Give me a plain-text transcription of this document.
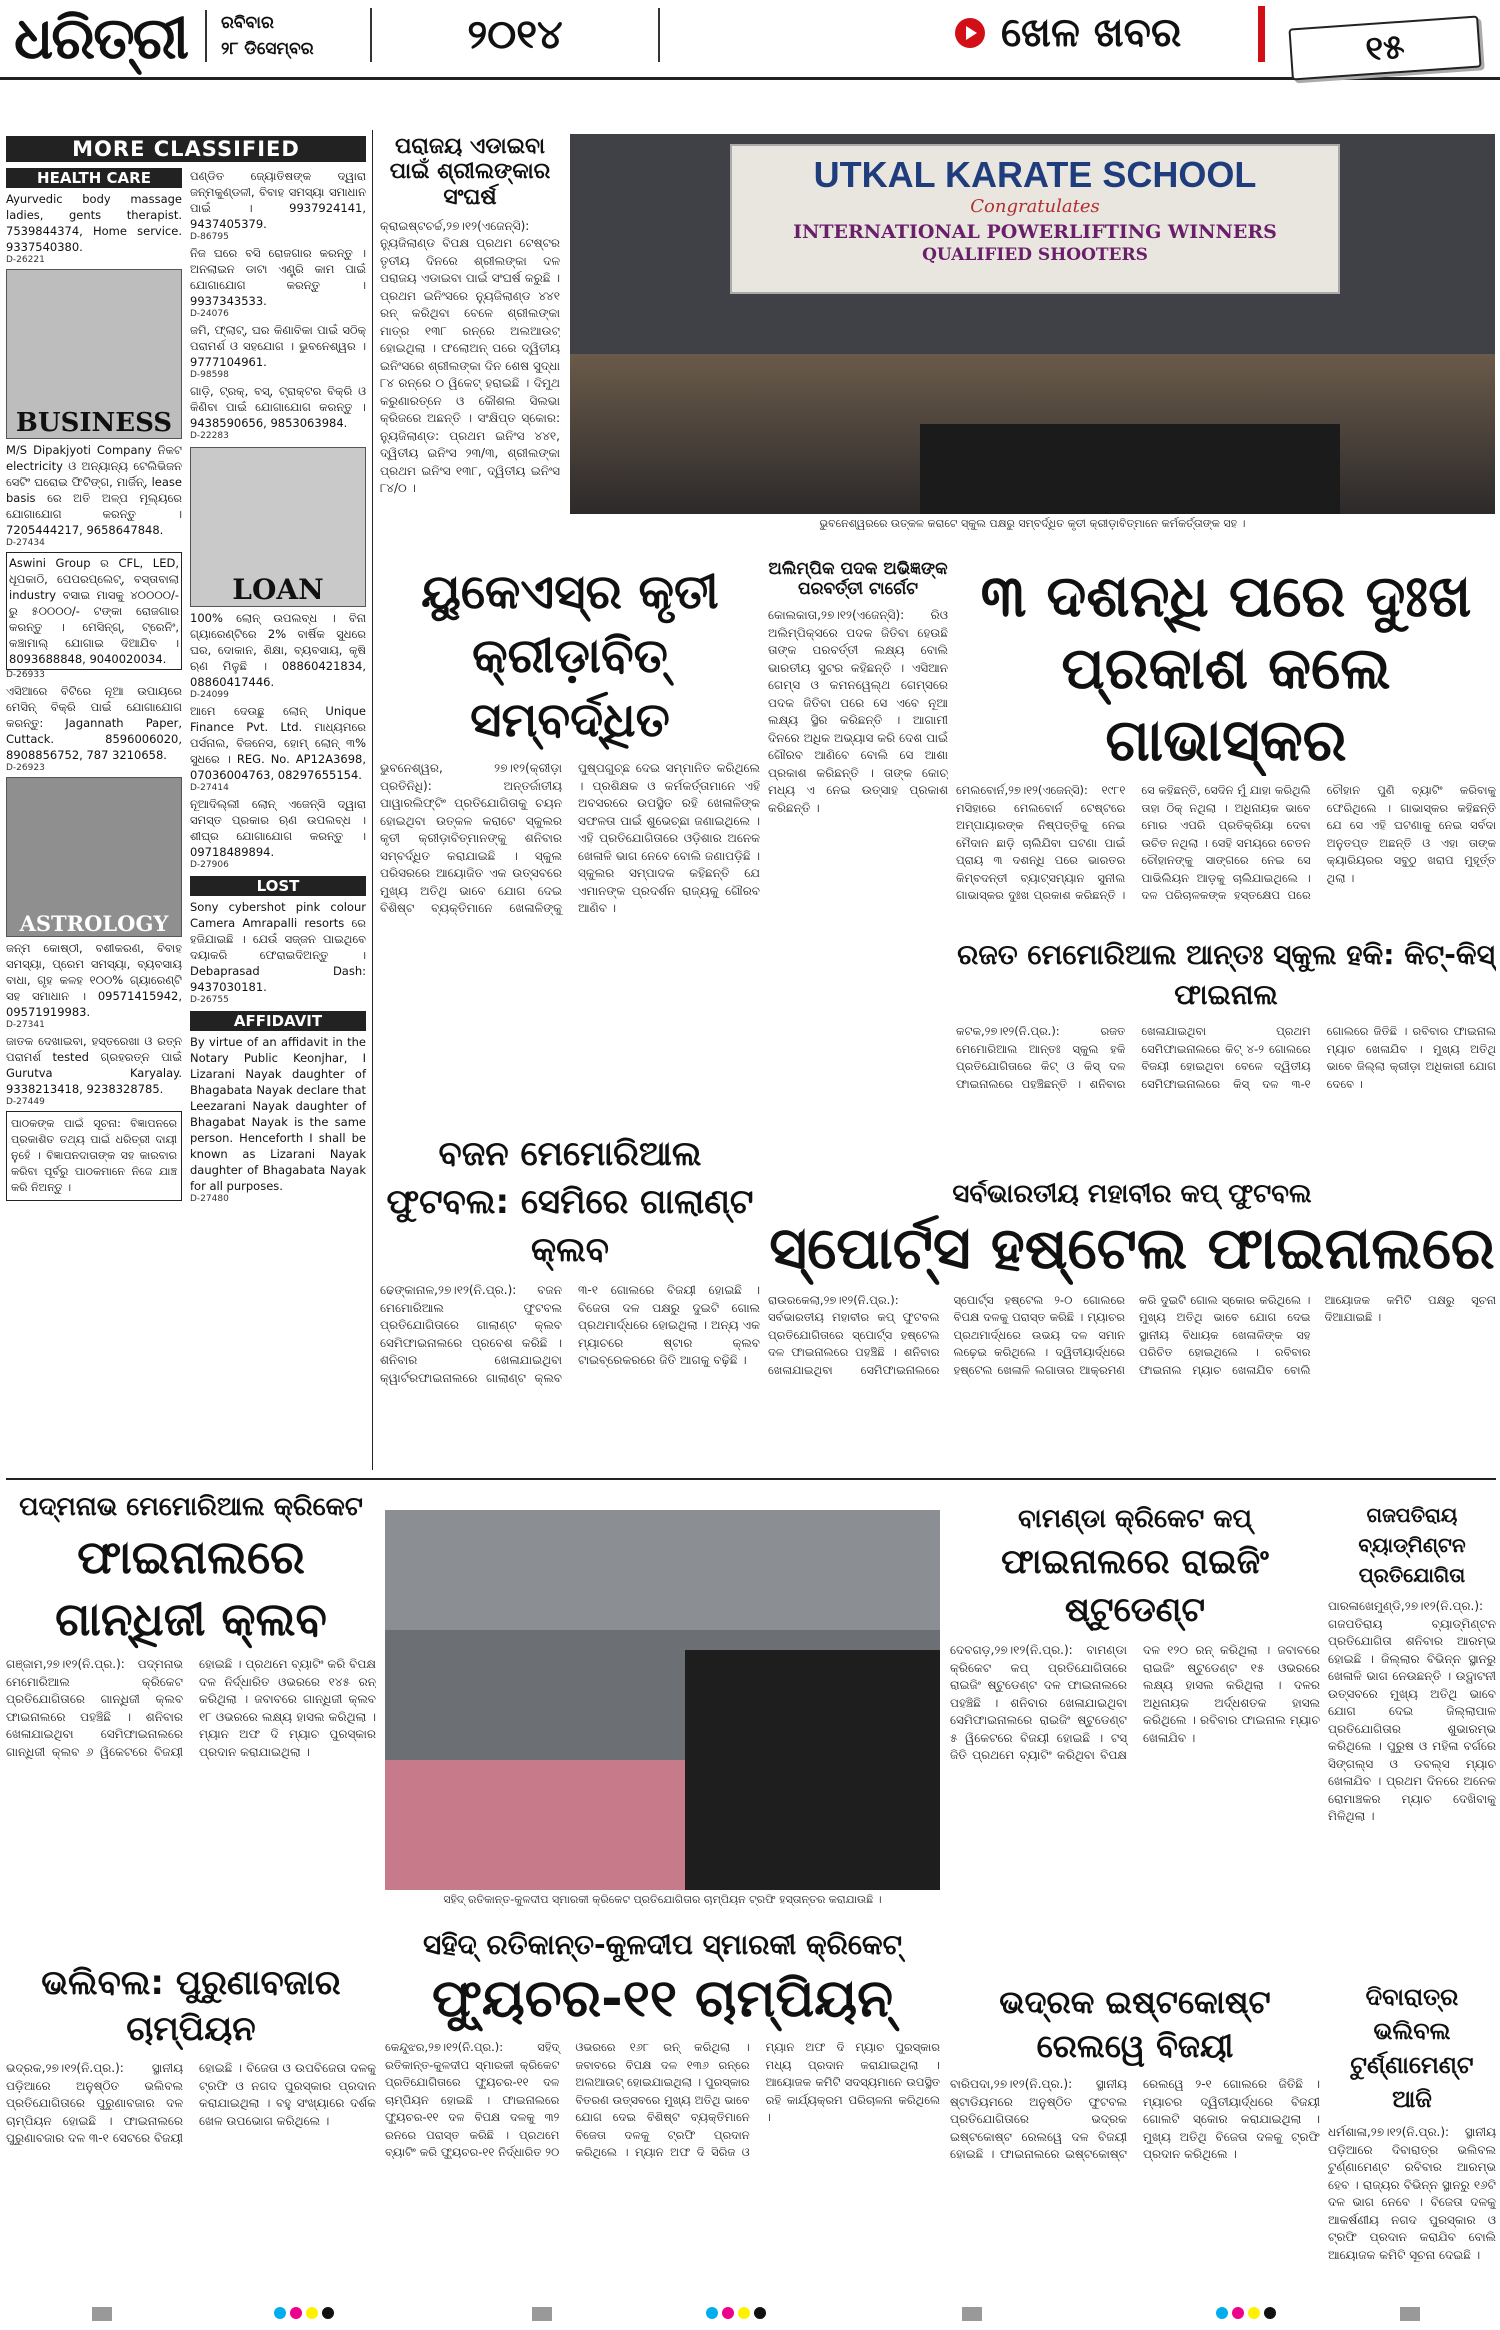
ଧରିତ୍ରୀ ରବିବାର
୨୮ ଡିସେମ୍ବର	୨୦୧୪	ଖେଳ ଖବର	୧୫
MORE CLASSIFIED
HEALTH CARE
Ayurvedic body massage ladies, gents therapist. 7539844374, Home service. 9337540380.
D-26221
BUSINESS
M/S Dipakjyoti Company ନିକଟ electricity ଓ ଅନ୍ୟାନ୍ୟ ଟେଲିଭିଜନ ସେଟିଂ ଘରୋଇ ଫିଟିଙ୍ଗ, ମାର୍ଜିନ୍, lease basis ରେ ଅତି ଅଳ୍ପ ମୂଲ୍ୟରେ ଯୋଗାଯୋଗ କରନ୍ତୁ । 7205444217, 9658647848.
D-27434
Aswini Group ର CFL, LED, ଧୂପକାଠି, ପେପରପ୍ଲେଟ୍, ବସ୍ତାବାଲା industry ବସାଇ ମାସକୁ ୪୦୦୦୦/- ରୁ ୫୦୦୦୦/- ଟଙ୍କା ରୋଜଗାର କରନ୍ତୁ । ମେସିନ୍ଗ୍, ଟ୍ରେନିଂ, କଞ୍ଚାମାଲ୍ ଯୋଗାଇ ଦିଆଯିବ । 8093688848, 9040020034.
D-26933
ଏସିଆରେ ବିଟିରେ ନୂଆ ଉପାୟରେ ମେସିନ୍ ବିକ୍ରି ପାଇଁ ଯୋଗାଯୋଗ କରନ୍ତୁ: Jagannath Paper, Cuttack. 8596006020, 8908856752, 787 3210658.
D-26923
ASTROLOGY
ଜନ୍ମ କୋଷ୍ଠୀ, ବଶୀକରଣ, ବିବାହ ସମସ୍ୟା, ପ୍ରେମ ସମସ୍ୟା, ବ୍ୟବସାୟ ବାଧା, ଗୃହ କଳହ ୧୦୦% ଗ୍ୟାରେଣ୍ଟି ସହ ସମାଧାନ । 09571415942, 09571919983.
D-27341
ଜାତକ ଦେଖାଇବା, ହସ୍ତରେଖା ଓ ରତ୍ନ ପରାମର୍ଶ tested ଗ୍ରହରତ୍ନ ପାଇଁ Gurutva Karyalay. 9338213418, 9238328785.
D-27449
ପାଠକଙ୍କ ପାଇଁ ସୂଚନା: ବିଜ୍ଞାପନରେ ପ୍ରକାଶିତ ତଥ୍ୟ ପାଇଁ ଧରିତ୍ରୀ ଦାୟୀ ନୁହେଁ । ବିଜ୍ଞାପନଦାତାଙ୍କ ସହ କାରବାର କରିବା ପୂର୍ବରୁ ପାଠକମାନେ ନିଜେ ଯାଞ୍ଚ କରି ନିଅନ୍ତୁ ।
ପଣ୍ଡିତ ଜ୍ୟୋତିଷଙ୍କ ଦ୍ୱାରା ଜନ୍ମକୁଣ୍ଡଳୀ, ବିବାହ ସମସ୍ୟା ସମାଧାନ ପାଇଁ । 9937924141, 9437405379.
D-86795
ନିଜ ଘରେ ବସି ରୋଜଗାର କରନ୍ତୁ । ଅନଲାଇନ ଡାଟା ଏଣ୍ଟ୍ରି କାମ ପାଇଁ ଯୋଗାଯୋଗ କରନ୍ତୁ । 9937343533.
D-24076
ଜମି, ଫ୍ଲାଟ୍, ଘର କିଣାବିକା ପାଇଁ ସଠିକ୍ ପରାମର୍ଶ ଓ ସହଯୋଗ । ଭୁବନେଶ୍ୱର । 9777104961.
D-98598
ଗାଡ଼ି, ଟ୍ରକ୍, ବସ୍, ଟ୍ରାକ୍ଟର ବିକ୍ରି ଓ କିଣିବା ପାଇଁ ଯୋଗାଯୋଗ କରନ୍ତୁ । 9438590656, 9853063984.
D-22283
LOAN
100% ଲୋନ୍ ଉପଲବ୍ଧ । ବିନା ଗ୍ୟାରେଣ୍ଟିରେ 2% ବାର୍ଷିକ ସୁଧରେ ଘର, ଦୋକାନ, ଶିକ୍ଷା, ବ୍ୟବସାୟ, କୃଷି ଋଣ ମିଳୁଛି । 08860421834, 08860417446.
D-24099
ଆମେ ଦେଉଛୁ ଲୋନ୍ Unique Finance Pvt. Ltd. ମାଧ୍ୟମରେ ପର୍ସନାଲ, ବିଜନେସ, ହୋମ୍ ଲୋନ୍ ୩% ସୁଧରେ । REG. No. AP12A3698, 07036004763, 08297655154.
D-27414
ନୂଆଦିଲ୍ଲୀ ଲୋନ୍ ଏଜେନ୍ସି ଦ୍ୱାରା ସମସ୍ତ ପ୍ରକାର ଋଣ ଉପଲବ୍ଧ । ଶୀଘ୍ର ଯୋଗାଯୋଗ କରନ୍ତୁ । 09718489894.
D-27906
LOST
Sony cybershot pink colour Camera Amrapalli resorts ରେ ହଜିଯାଇଛି । ଯେଉଁ ସଜ୍ଜନ ପାଇଥିବେ ଦୟାକରି ଫେରାଇଦିଅନ୍ତୁ । Debaprasad Dash: 9437030181.
D-26755
AFFIDAVIT
By virtue of an affidavit in the Notary Public Keonjhar, I Lizarani Nayak daughter of Bhagabata Nayak declare that Leezarani Nayak daughter of Bhagabat Nayak is the same person. Henceforth I shall be known as Lizarani Nayak daughter of Bhagabata Nayak for all purposes.
D-27480
ପରାଜୟ ଏଡାଇବା ପାଇଁ ଶ୍ରୀଲଙ୍କାର ସଂଘର୍ଷ
କ୍ରାଇଷ୍ଟଚର୍ଚ୍ଚ,୨୭।୧୨(ଏଜେନ୍ସି): ନ୍ୟୁଜିଲାଣ୍ଡ ବିପକ୍ଷ ପ୍ରଥମ ଟେଷ୍ଟର ତୃତୀୟ ଦିନରେ ଶ୍ରୀଲଙ୍କା ଦଳ ପରାଜୟ ଏଡାଇବା ପାଇଁ ସଂଘର୍ଷ କରୁଛି । ପ୍ରଥମ ଇନିଂସରେ ନ୍ୟୁଜିଲାଣ୍ଡ ୪୪୧ ରନ୍ କରିଥିବା ବେଳେ ଶ୍ରୀଲଙ୍କା ମାତ୍ର ୧୩୮ ରନ୍‌ରେ ଅଲଆଉଟ୍ ହୋଇଥିଲା । ଫଲୋଅନ୍ ପରେ ଦ୍ୱିତୀୟ ଇନିଂସରେ ଶ୍ରୀଲଙ୍କା ଦିନ ଶେଷ ସୁଦ୍ଧା ୮୪ ରନ୍‌ରେ ୦ ୱିକେଟ୍ ହରାଇଛି । ଦିମୁଥ କରୁଣାରତ୍ନେ ଓ କୌଶଲ ସିଲଭା କ୍ରିଜରେ ଅଛନ୍ତି । ସଂକ୍ଷିପ୍ତ ସ୍କୋର: ନ୍ୟୁଜିଲାଣ୍ଡ: ପ୍ରଥମ ଇନିଂସ ୪୪୧, ଦ୍ୱିତୀୟ ଇନିଂସ ୨୩/୩, ଶ୍ରୀଲଙ୍କା ପ୍ରଥମ ଇନିଂସ ୧୩୮, ଦ୍ୱିତୀୟ ଇନିଂସ ୮୪/୦ ।
UTKAL KARATE SCHOOL
Congratulates
INTERNATIONAL POWERLIFTING WINNERS
QUALIFIED SHOOTERS
ଭୁବନେଶ୍ୱରରେ ଉତ୍କଳ କରାଟେ ସ୍କୁଲ ପକ୍ଷରୁ ସମ୍ବର୍ଦ୍ଧିତ କୃତୀ କ୍ରୀଡ଼ାବିତ୍‌ମାନେ କର୍ମକର୍ତ୍ତାଙ୍କ ସହ ।
ୟୁକେଏସ୍‌ର କୃତୀ କ୍ରୀଡ଼ାବିତ୍ ସମ୍ବର୍ଦ୍ଧିତ
ଭୁବନେଶ୍ୱର, ୨୭।୧୨(କ୍ରୀଡ଼ା ପ୍ରତିନିଧି): ଅନ୍ତର୍ଜାତୀୟ ପାୱାରଲିଫ୍ଟିଂ ପ୍ରତିଯୋଗିତାକୁ ଚୟନ ହୋଇଥିବା ଉତ୍କଳ କରାଟେ ସ୍କୁଲର କୃତୀ କ୍ରୀଡ଼ାବିତ୍‌ମାନଙ୍କୁ ଶନିବାର ସମ୍ବର୍ଦ୍ଧିତ କରାଯାଇଛି । ସ୍କୁଲ ପରିସରରେ ଆୟୋଜିତ ଏକ ଉତ୍ସବରେ ମୁଖ୍ୟ ଅତିଥି ଭାବେ ଯୋଗ ଦେଇ ବିଶିଷ୍ଟ ବ୍ୟକ୍ତିମାନେ ଖେଳାଳିଙ୍କୁ ପୁଷ୍ପଗୁଚ୍ଛ ଦେଇ ସମ୍ମାନିତ କରିଥିଲେ । ପ୍ରଶିକ୍ଷକ ଓ କର୍ମକର୍ତ୍ତାମାନେ ଏହି ଅବସରରେ ଉପସ୍ଥିତ ରହି ଖେଳାଳିଙ୍କ ସଫଳତା ପାଇଁ ଶୁଭେଚ୍ଛା ଜଣାଇଥିଲେ । ଏହି ପ୍ରତିଯୋଗିତାରେ ଓଡ଼ିଶାର ଅନେକ ଖେଳାଳି ଭାଗ ନେବେ ବୋଲି ଜଣାପଡ଼ିଛି । ସ୍କୁଲର ସମ୍ପାଦକ କହିଛନ୍ତି ଯେ ଏମାନଙ୍କ ପ୍ରଦର୍ଶନ ରାଜ୍ୟକୁ ଗୌରବ ଆଣିବ ।
ଅଲିମ୍ପିକ ପଦକ ଅଭିଜ୍ଞଙ୍କ ପରବର୍ତ୍ତୀ ଟାର୍ଗେଟ
କୋଲକାତା,୨୭।୧୨(ଏଜେନ୍ସି): ରିଓ ଅଲିମ୍ପିକ୍ସରେ ପଦକ ଜିତିବା ହେଉଛି ତାଙ୍କ ପରବର୍ତ୍ତୀ ଲକ୍ଷ୍ୟ ବୋଲି ଭାରତୀୟ ସୁଟର କହିଛନ୍ତି । ଏସିଆନ ଗେମ୍ସ ଓ କମନୱେଲ୍‌ଥ ଗେମ୍ସରେ ପଦକ ଜିତିବା ପରେ ସେ ଏବେ ନୂଆ ଲକ୍ଷ୍ୟ ସ୍ଥିର କରିଛନ୍ତି । ଆଗାମୀ ଦିନରେ ଅଧିକ ଅଭ୍ୟାସ କରି ଦେଶ ପାଇଁ ଗୌରବ ଆଣିବେ ବୋଲି ସେ ଆଶା ପ୍ରକାଶ କରିଛନ୍ତି । ତାଙ୍କ କୋଚ୍ ମଧ୍ୟ ଏ ନେଇ ଉତ୍ସାହ ପ୍ରକାଶ କରିଛନ୍ତି ।
୩ ଦଶନ୍ଧି ପରେ ଦୁଃଖ ପ୍ରକାଶ କଲେ ଗାଭାସ୍କର
ମେଲବୋର୍ନ,୨୭।୧୨(ଏଜେନ୍ସି): ୧୯୮୧ ମସିହାରେ ମେଲବୋର୍ନ ଟେଷ୍ଟରେ ଅମ୍ପାୟାରଙ୍କ ନିଷ୍ପତ୍ତିକୁ ନେଇ ମୈଦାନ ଛାଡ଼ି ଚାଲିଯିବା ଘଟଣା ପାଇଁ ପ୍ରାୟ ୩ ଦଶନ୍ଧି ପରେ ଭାରତର କିମ୍ବଦନ୍ତୀ ବ୍ୟାଟ୍ସମ୍ୟାନ ସୁନୀଲ ଗାଭାସ୍କର ଦୁଃଖ ପ୍ରକାଶ କରିଛନ୍ତି । ସେ କହିଛନ୍ତି, ସେଦିନ ମୁଁ ଯାହା କରିଥିଲି ତାହା ଠିକ୍ ନଥିଲା । ଅଧିନାୟକ ଭାବେ ମୋର ଏପରି ପ୍ରତିକ୍ରିୟା ଦେବା ଉଚିତ ନଥିଲା । ସେହି ସମୟରେ ଚେତନ ଚୌହାନଙ୍କୁ ସାଙ୍ଗରେ ନେଇ ସେ ପାଭିଲିୟନ ଆଡ଼କୁ ଚାଲିଯାଇଥିଲେ । ଦଳ ପରିଚାଳକଙ୍କ ହସ୍ତକ୍ଷେପ ପରେ ଚୌହାନ ପୁଣି ବ୍ୟାଟିଂ କରିବାକୁ ଫେରିଥିଲେ । ଗାଭାସ୍କର କହିଛନ୍ତି ଯେ ସେ ଏହି ଘଟଣାକୁ ନେଇ ସର୍ବଦା ଅନୁତପ୍ତ ଅଛନ୍ତି ଓ ଏହା ତାଙ୍କ କ୍ୟାରିୟରର ସବୁଠୁ ଖରାପ ମୁହୂର୍ତ୍ତ ଥିଲା ।
ରଜତ ମେମୋରିଆଲ ଆନ୍ତଃ ସ୍କୁଲ ହକି: କିଟ୍-କିସ୍ ଫାଇନାଲ
କଟକ,୨୭।୧୨(ନି.ପ୍ର.): ରଜତ ମେମୋରିଆଲ ଆନ୍ତଃ ସ୍କୁଲ ହକି ପ୍ରତିଯୋଗିତାରେ କିଟ୍ ଓ କିସ୍ ଦଳ ଫାଇନାଲରେ ପହଞ୍ଚିଛନ୍ତି । ଶନିବାର ଖେଳାଯାଇଥିବା ପ୍ରଥମ ସେମିଫାଇନାଲରେ କିଟ୍ ୪-୨ ଗୋଲରେ ବିଜୟୀ ହୋଇଥିବା ବେଳେ ଦ୍ୱିତୀୟ ସେମିଫାଇନାଲରେ କିସ୍ ଦଳ ୩-୧ ଗୋଲରେ ଜିତିଛି । ରବିବାର ଫାଇନାଲ ମ୍ୟାଚ ଖେଳାଯିବ । ମୁଖ୍ୟ ଅତିଥି ଭାବେ ଜିଲ୍ଲା କ୍ରୀଡ଼ା ଅଧିକାରୀ ଯୋଗ ଦେବେ ।
ବଜନ ମେମୋରିଆଲ ଫୁଟବଲ: ସେମିରେ ଗାଲାଣ୍ଟ କ୍ଲବ
ଢେଙ୍କାନାଳ,୨୭।୧୨(ନି.ପ୍ର.): ବଜନ ମେମୋରିଆଲ ଫୁଟବଲ ପ୍ରତିଯୋଗିତାରେ ଗାଲାଣ୍ଟ କ୍ଲବ ସେମିଫାଇନାଲରେ ପ୍ରବେଶ କରିଛି । ଶନିବାର ଖେଳାଯାଇଥିବା କ୍ୱାର୍ଟରଫାଇନାଲରେ ଗାଲାଣ୍ଟ କ୍ଲବ ୩-୧ ଗୋଲରେ ବିଜୟୀ ହୋଇଛି । ବିଜେତା ଦଳ ପକ୍ଷରୁ ଦୁଇଟି ଗୋଲ ପ୍ରଥମାର୍ଦ୍ଧରେ ହୋଇଥିଲା । ଅନ୍ୟ ଏକ ମ୍ୟାଚରେ ଷ୍ଟାର କ୍ଲବ ଟାଇବ୍ରେକରରେ ଜିତି ଆଗକୁ ବଢ଼ିଛି ।
ସର୍ବଭାରତୀୟ ମହାବୀର କପ୍ ଫୁଟବଲ
ସ୍ପୋର୍ଟ୍ସ ହଷ୍ଟେଲ ଫାଇନାଲରେ
ରାଉରକେଲା,୨୭।୧୨(ନି.ପ୍ର.): ସର୍ବଭାରତୀୟ ମହାବୀର କପ୍ ଫୁଟବଲ ପ୍ରତିଯୋଗିତାରେ ସ୍ପୋର୍ଟ୍ସ ହଷ୍ଟେଲ ଦଳ ଫାଇନାଲରେ ପହଞ୍ଚିଛି । ଶନିବାର ଖେଳାଯାଇଥିବା ସେମିଫାଇନାଲରେ ସ୍ପୋର୍ଟ୍ସ ହଷ୍ଟେଲ ୨-୦ ଗୋଲରେ ବିପକ୍ଷ ଦଳକୁ ପରାସ୍ତ କରିଛି । ମ୍ୟାଚର ପ୍ରଥମାର୍ଦ୍ଧରେ ଉଭୟ ଦଳ ସମାନ ଲଢ଼େଇ କରିଥିଲେ । ଦ୍ୱିତୀୟାର୍ଦ୍ଧରେ ହଷ୍ଟେଲ ଖେଳାଳି ଲଗାତାର ଆକ୍ରମଣ କରି ଦୁଇଟି ଗୋଲ ସ୍କୋର କରିଥିଲେ । ମୁଖ୍ୟ ଅତିଥି ଭାବେ ଯୋଗ ଦେଇ ସ୍ଥାନୀୟ ବିଧାୟକ ଖେଳାଳିଙ୍କ ସହ ପରିଚିତ ହୋଇଥିଲେ । ରବିବାର ଫାଇନାଲ ମ୍ୟାଚ ଖେଳାଯିବ ବୋଲି ଆୟୋଜକ କମିଟି ପକ୍ଷରୁ ସୂଚନା ଦିଆଯାଇଛି ।
ପଦ୍ମନାଭ ମେମୋରିଆଲ କ୍ରିକେଟ
ଫାଇନାଲରେ ଗାନ୍ଧିଜୀ କ୍ଲବ
ଗଞ୍ଜାମ,୨୭।୧୨(ନି.ପ୍ର.): ପଦ୍ମନାଭ ମେମୋରିଆଲ କ୍ରିକେଟ ପ୍ରତିଯୋଗିତାରେ ଗାନ୍ଧିଜୀ କ୍ଲବ ଫାଇନାଲରେ ପହଞ୍ଚିଛି । ଶନିବାର ଖେଳାଯାଇଥିବା ସେମିଫାଇନାଲରେ ଗାନ୍ଧିଜୀ କ୍ଲବ ୬ ୱିକେଟରେ ବିଜୟୀ ହୋଇଛି । ପ୍ରଥମେ ବ୍ୟାଟିଂ କରି ବିପକ୍ଷ ଦଳ ନିର୍ଦ୍ଧାରିତ ଓଭରରେ ୧୪୫ ରନ୍ କରିଥିଲା । ଜବାବରେ ଗାନ୍ଧିଜୀ କ୍ଲବ ୧୮ ଓଭରରେ ଲକ୍ଷ୍ୟ ହାସଲ କରିଥିଲା । ମ୍ୟାନ ଅଫ ଦି ମ୍ୟାଚ ପୁରସ୍କାର ପ୍ରଦାନ କରାଯାଇଥିଲା ।
ଭଲିବଲ: ପୁରୁଣାବଜାର ଚାମ୍ପିୟନ
ଭଦ୍ରକ,୨୭।୧୨(ନି.ପ୍ର.): ସ୍ଥାନୀୟ ପଡ଼ିଆରେ ଅନୁଷ୍ଠିତ ଭଲିବଲ ପ୍ରତିଯୋଗିତାରେ ପୁରୁଣାବଜାର ଦଳ ଚାମ୍ପିୟନ ହୋଇଛି । ଫାଇନାଲରେ ପୁରୁଣାବଜାର ଦଳ ୩-୧ ସେଟରେ ବିଜୟୀ ହୋଇଛି । ବିଜେତା ଓ ଉପବିଜେତା ଦଳକୁ ଟ୍ରଫି ଓ ନଗଦ ପୁରସ୍କାର ପ୍ରଦାନ କରାଯାଇଥିଲା । ବହୁ ସଂଖ୍ୟାରେ ଦର୍ଶକ ଖେଳ ଉପଭୋଗ କରିଥିଲେ ।
ସହିଦ୍ ରତିକାନ୍ତ-କୁଳଦୀପ ସ୍ମାରକୀ କ୍ରିକେଟ ପ୍ରତିଯୋଗିତାର ଚାମ୍ପିୟନ ଟ୍ରଫି ହସ୍ତାନ୍ତର କରାଯାଉଛି ।
ସହିଦ୍ ରତିକାନ୍ତ-କୁଳଦୀପ ସ୍ମାରକୀ କ୍ରିକେଟ୍
ଫ୍ୟୁଚର-୧୧ ଚାମ୍ପିୟନ୍
କେନ୍ଦୁଝର,୨୭।୧୨(ନି.ପ୍ର.): ସହିଦ୍ ରତିକାନ୍ତ-କୁଳଦୀପ ସ୍ମାରକୀ କ୍ରିକେଟ ପ୍ରତିଯୋଗିତାରେ ଫ୍ୟୁଚର-୧୧ ଦଳ ଚାମ୍ପିୟନ ହୋଇଛି । ଫାଇନାଲରେ ଫ୍ୟୁଚର-୧୧ ଦଳ ବିପକ୍ଷ ଦଳକୁ ୩୨ ରନରେ ପରାସ୍ତ କରିଛି । ପ୍ରଥମେ ବ୍ୟାଟିଂ କରି ଫ୍ୟୁଚର-୧୧ ନିର୍ଦ୍ଧାରିତ ୨୦ ଓଭରରେ ୧୬୮ ରନ୍ କରିଥିଲା । ଜବାବରେ ବିପକ୍ଷ ଦଳ ୧୩୬ ରନ୍‌ରେ ଅଲଆଉଟ୍ ହୋଇଯାଇଥିଲା । ପୁରସ୍କାର ବିତରଣ ଉତ୍ସବରେ ମୁଖ୍ୟ ଅତିଥି ଭାବେ ଯୋଗ ଦେଇ ବିଶିଷ୍ଟ ବ୍ୟକ୍ତିମାନେ ବିଜେତା ଦଳକୁ ଟ୍ରଫି ପ୍ରଦାନ କରିଥିଲେ । ମ୍ୟାନ ଅଫ ଦି ସିରିଜ ଓ ମ୍ୟାନ ଅଫ ଦି ମ୍ୟାଚ ପୁରସ୍କାର ମଧ୍ୟ ପ୍ରଦାନ କରାଯାଇଥିଲା । ଆୟୋଜକ କମିଟି ସଦସ୍ୟମାନେ ଉପସ୍ଥିତ ରହି କାର୍ଯ୍ୟକ୍ରମ ପରିଚାଳନା କରିଥିଲେ ।
ବାମଣ୍ଡା କ୍ରିକେଟ କପ୍
ଫାଇନାଲରେ ରାଇଜିଂ ଷ୍ଟୁଡେଣ୍ଟ
ଦେବଗଡ଼,୨୭।୧୨(ନି.ପ୍ର.): ବାମଣ୍ଡା କ୍ରିକେଟ କପ୍ ପ୍ରତିଯୋଗିତାରେ ରାଇଜିଂ ଷ୍ଟୁଡେଣ୍ଟ ଦଳ ଫାଇନାଲରେ ପହଞ୍ଚିଛି । ଶନିବାର ଖେଳାଯାଇଥିବା ସେମିଫାଇନାଲରେ ରାଇଜିଂ ଷ୍ଟୁଡେଣ୍ଟ ୫ ୱିକେଟରେ ବିଜୟୀ ହୋଇଛି । ଟସ୍ ଜିତି ପ୍ରଥମେ ବ୍ୟାଟିଂ କରିଥିବା ବିପକ୍ଷ ଦଳ ୧୨୦ ରନ୍ କରିଥିଲା । ଜବାବରେ ରାଇଜିଂ ଷ୍ଟୁଡେଣ୍ଟ ୧୫ ଓଭରରେ ଲକ୍ଷ୍ୟ ହାସଲ କରିଥିଲା । ଦଳର ଅଧିନାୟକ ଅର୍ଦ୍ଧଶତକ ହାସଲ କରିଥିଲେ । ରବିବାର ଫାଇନାଲ ମ୍ୟାଚ ଖେଳାଯିବ ।
ଭଦ୍ରକ ଇଷ୍ଟକୋଷ୍ଟ ରେଲୱେ ବିଜୟୀ
ବାରିପଦା,୨୭।୧୨(ନି.ପ୍ର.): ସ୍ଥାନୀୟ ଷ୍ଟାଡିୟମରେ ଅନୁଷ୍ଠିତ ଫୁଟବଲ ପ୍ରତିଯୋଗିତାରେ ଭଦ୍ରକ ଇଷ୍ଟକୋଷ୍ଟ ରେଲୱେ ଦଳ ବିଜୟୀ ହୋଇଛି । ଫାଇନାଲରେ ଇଷ୍ଟକୋଷ୍ଟ ରେଲୱେ ୨-୧ ଗୋଲରେ ଜିତିଛି । ମ୍ୟାଚର ଦ୍ୱିତୀୟାର୍ଦ୍ଧରେ ବିଜୟୀ ଗୋଲଟି ସ୍କୋର କରାଯାଇଥିଲା । ମୁଖ୍ୟ ଅତିଥି ବିଜେତା ଦଳକୁ ଟ୍ରଫି ପ୍ରଦାନ କରିଥିଲେ ।
ଗଜପତିରାୟ ବ୍ୟାଡ୍ମିଣ୍ଟନ ପ୍ରତିଯୋଗିତା
ପାରଳାଖେମୁଣ୍ଡି,୨୭।୧୨(ନି.ପ୍ର.): ଗଜପତିରାୟ ବ୍ୟାଡ୍ମିଣ୍ଟନ ପ୍ରତିଯୋଗିତା ଶନିବାର ଆରମ୍ଭ ହୋଇଛି । ଜିଲ୍ଲାର ବିଭିନ୍ନ ସ୍ଥାନରୁ ଖେଳାଳି ଭାଗ ନେଉଛନ୍ତି । ଉଦ୍ଘାଟନୀ ଉତ୍ସବରେ ମୁଖ୍ୟ ଅତିଥି ଭାବେ ଯୋଗ ଦେଇ ଜିଲ୍ଲାପାଳ ପ୍ରତିଯୋଗିତାର ଶୁଭାରମ୍ଭ କରିଥିଲେ । ପୁରୁଷ ଓ ମହିଳା ବର୍ଗରେ ସିଙ୍ଗଲ୍ସ ଓ ଡବଲ୍ସ ମ୍ୟାଚ ଖେଳାଯିବ । ପ୍ରଥମ ଦିନରେ ଅନେକ ରୋମାଞ୍ଚକର ମ୍ୟାଚ ଦେଖିବାକୁ ମିଳିଥିଲା ।
ଦିବାରାତ୍ର ଭଲିବଲ ଟୁର୍ଣ୍ଣାମେଣ୍ଟ ଆଜି
ଧର୍ମଶାଳା,୨୭।୧୨(ନି.ପ୍ର.): ସ୍ଥାନୀୟ ପଡ଼ିଆରେ ଦିବାରାତ୍ର ଭଲିବଲ ଟୁର୍ଣ୍ଣାମେଣ୍ଟ ରବିବାର ଆରମ୍ଭ ହେବ । ରାଜ୍ୟର ବିଭିନ୍ନ ସ୍ଥାନରୁ ୧୬ଟି ଦଳ ଭାଗ ନେବେ । ବିଜେତା ଦଳକୁ ଆକର୍ଷଣୀୟ ନଗଦ ପୁରସ୍କାର ଓ ଟ୍ରଫି ପ୍ରଦାନ କରାଯିବ ବୋଲି ଆୟୋଜକ କମିଟି ସୂଚନା ଦେଇଛି ।
